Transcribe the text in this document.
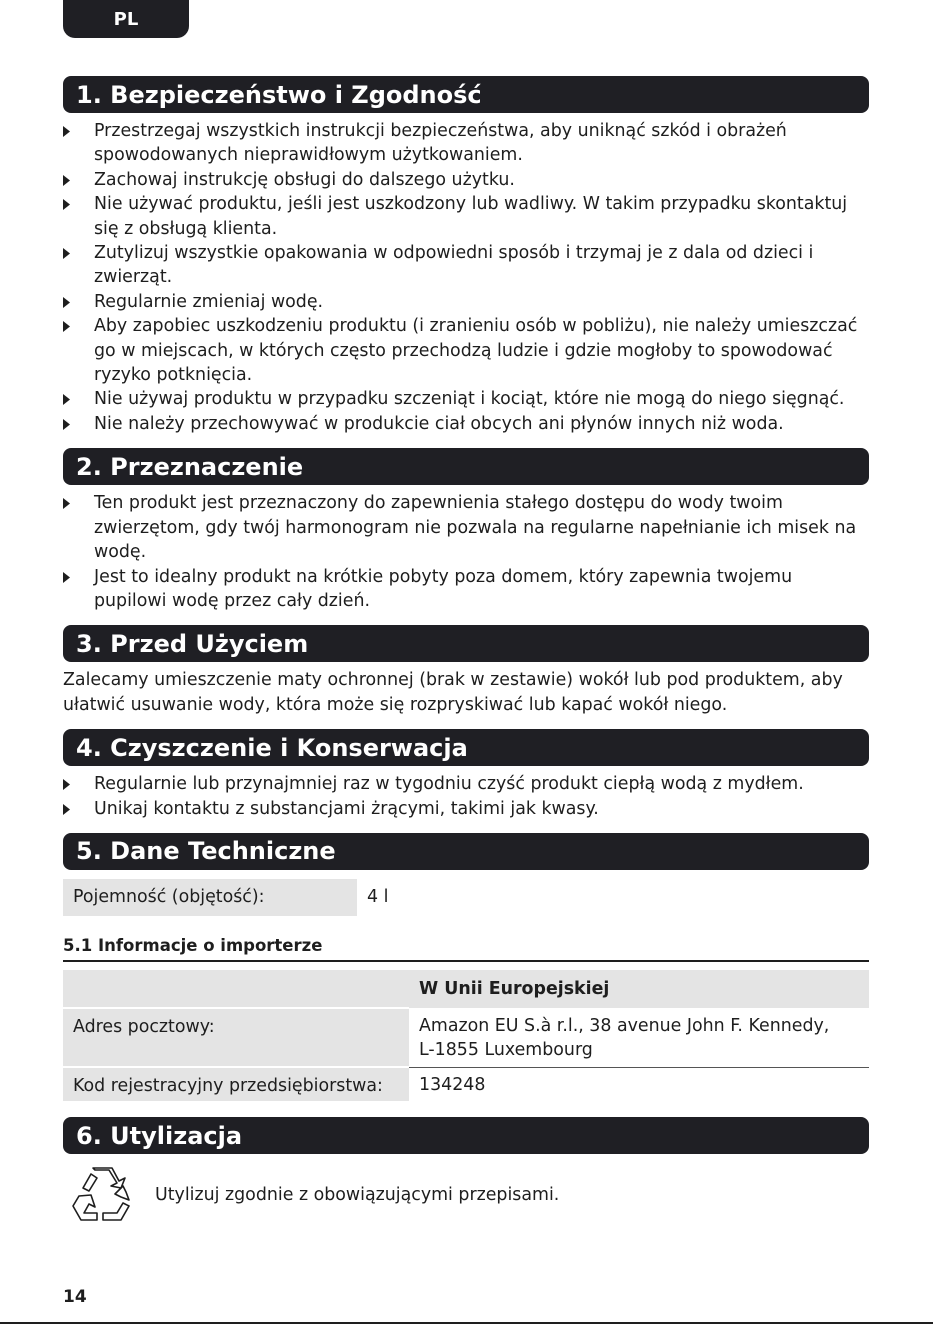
PL
1. Bezpieczeństwo i Zgodność
Przestrzegaj wszystkich instrukcji bezpieczeństwa, aby uniknąć szkód i obrażeń spowodowanych nieprawidłowym użytkowaniem.
Zachowaj instrukcję obsługi do dalszego użytku.
Nie używać produktu, jeśli jest uszkodzony lub wadliwy. W takim przypadku skontaktuj się z obsługą klienta.
Zutylizuj wszystkie opakowania w odpowiedni sposób i trzymaj je z dala od dzieci i zwierząt.
Regularnie zmieniaj wodę.
Aby zapobiec uszkodzeniu produktu (i zranieniu osób w pobliżu), nie należy umieszczać go w miejscach, w których często przechodzą ludzie i gdzie mogłoby to spowodować ryzyko potknięcia.
Nie używaj produktu w przypadku szczeniąt i kociąt, które nie mogą do niego sięgnąć.
Nie należy przechowywać w produkcie ciał obcych ani płynów innych niż woda.
2. Przeznaczenie
Ten produkt jest przeznaczony do zapewnienia stałego dostępu do wody twoim zwierzętom, gdy twój harmonogram nie pozwala na regularne napełnianie ich misek na wodę.
Jest to idealny produkt na krótkie pobyty poza domem, który zapewnia twojemu pupilowi wodę przez cały dzień.
3. Przed Użyciem

Zalecamy umieszczenie maty ochronnej (brak w zestawie) wokół lub pod produktem, aby ułatwić usuwanie wody, która może się rozpryskiwać lub kapać wokół niego.

4. Czyszczenie i Konserwacja
Regularnie lub przynajmniej raz w tygodniu czyść produkt ciepłą wodą z mydłem.
Unikaj kontaktu z substancjami żrącymi, takimi jak kwasy.
5. Dane Techniczne
Pojemność (objętość):	4 l
5.1 Informacje o importerze
	W Unii Europejskiej
Adres pocztowy:	Amazon EU S.à r.l., 38 avenue John F. Kennedy,
L-1855 Luxembourg

Kod rejestracyjny przedsiębiorstwa:	134248
6. Utylizacja
Utylizuj zgodnie z obowiązującymi przepisami.
14
